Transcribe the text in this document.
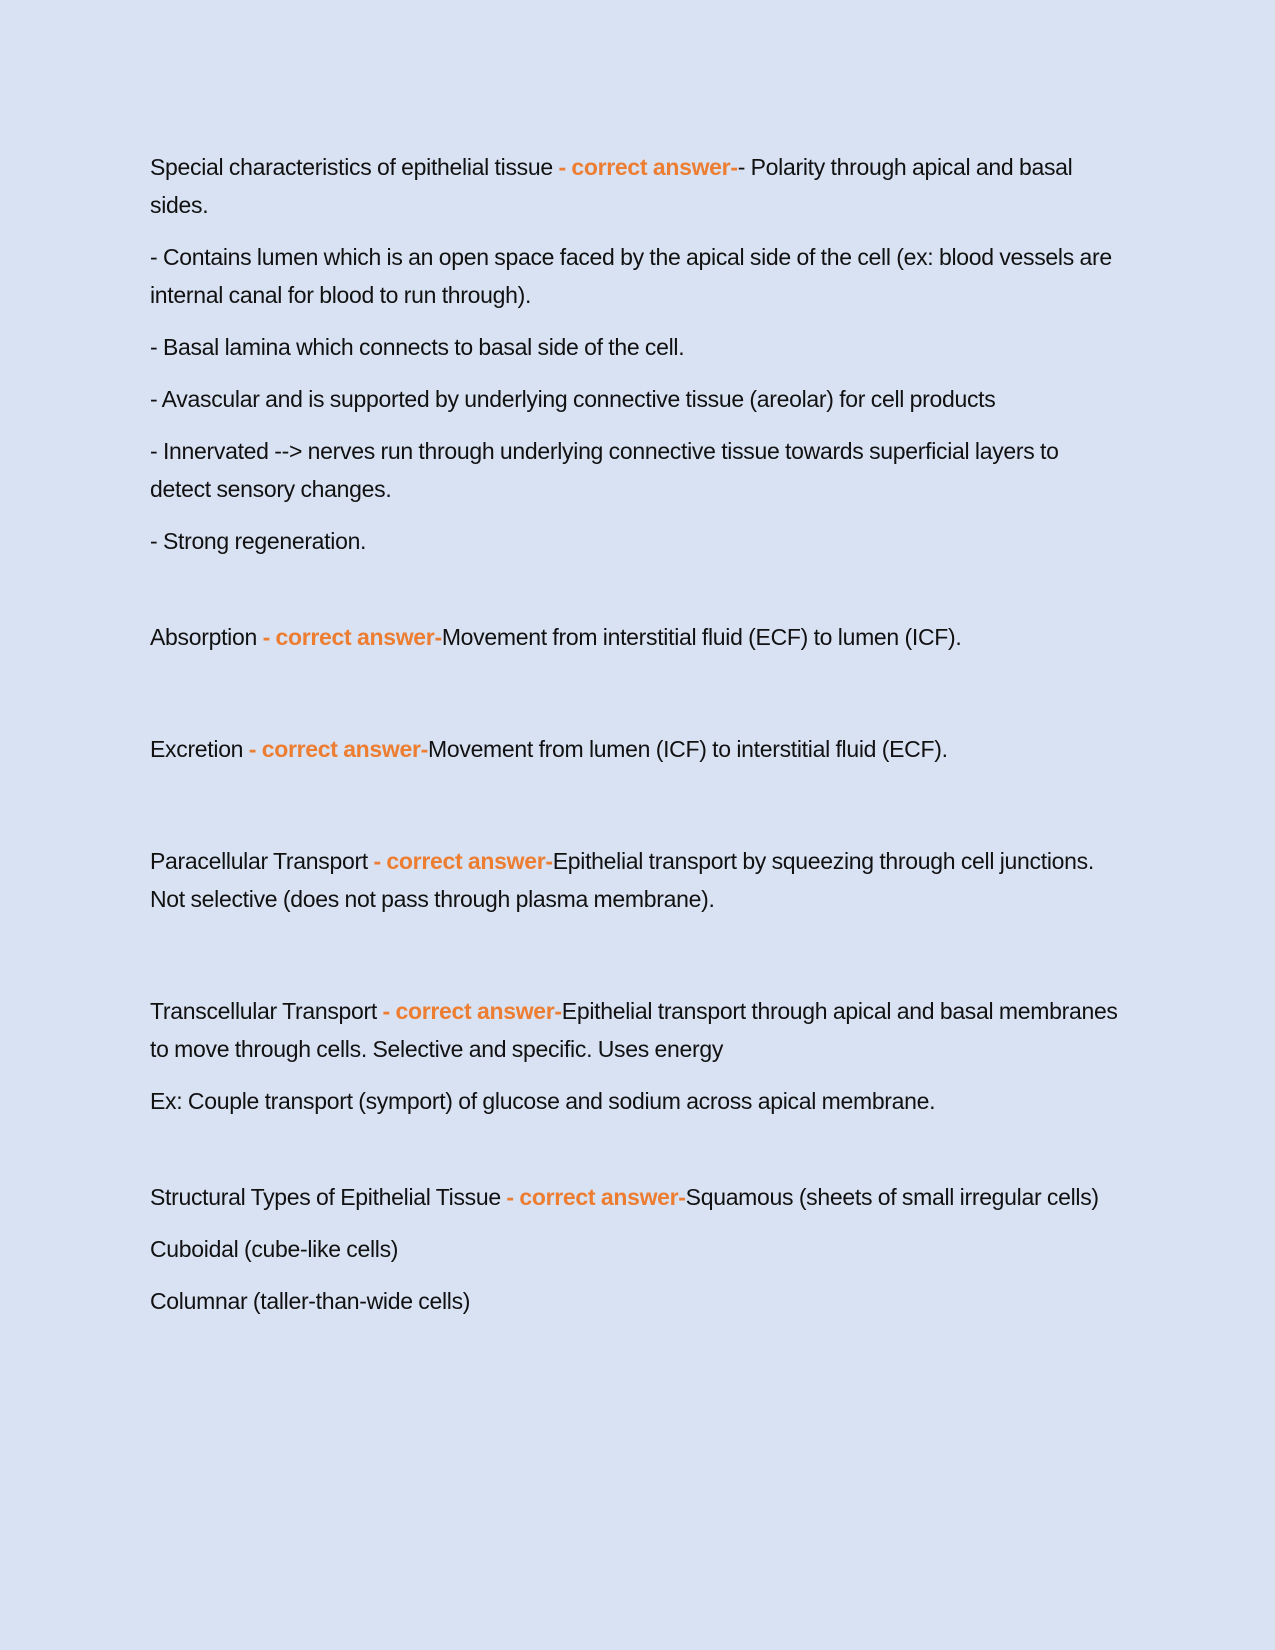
Special characteristics of epithelial tissue - correct answer-- Polarity through apical and basal sides.

- Contains lumen which is an open space faced by the apical side of the cell (ex: blood vessels are internal canal for blood to run through).

- Basal lamina which connects to basal side of the cell.

- Avascular and is supported by underlying connective tissue (areolar) for cell products

- Innervated --> nerves run through underlying connective tissue towards superficial layers to detect sensory changes.

- Strong regeneration.

Absorption - correct answer-Movement from interstitial fluid (ECF) to lumen (ICF).

Excretion - correct answer-Movement from lumen (ICF) to interstitial fluid (ECF).

Paracellular Transport - correct answer-Epithelial transport by squeezing through cell junctions. Not selective (does not pass through plasma membrane).

Transcellular Transport - correct answer-Epithelial transport through apical and basal membranes to move through cells. Selective and specific. Uses energy

Ex: Couple transport (symport) of glucose and sodium across apical membrane.

Structural Types of Epithelial Tissue - correct answer-Squamous (sheets of small irregular cells)

Cuboidal (cube-like cells)

Columnar (taller-than-wide cells)
